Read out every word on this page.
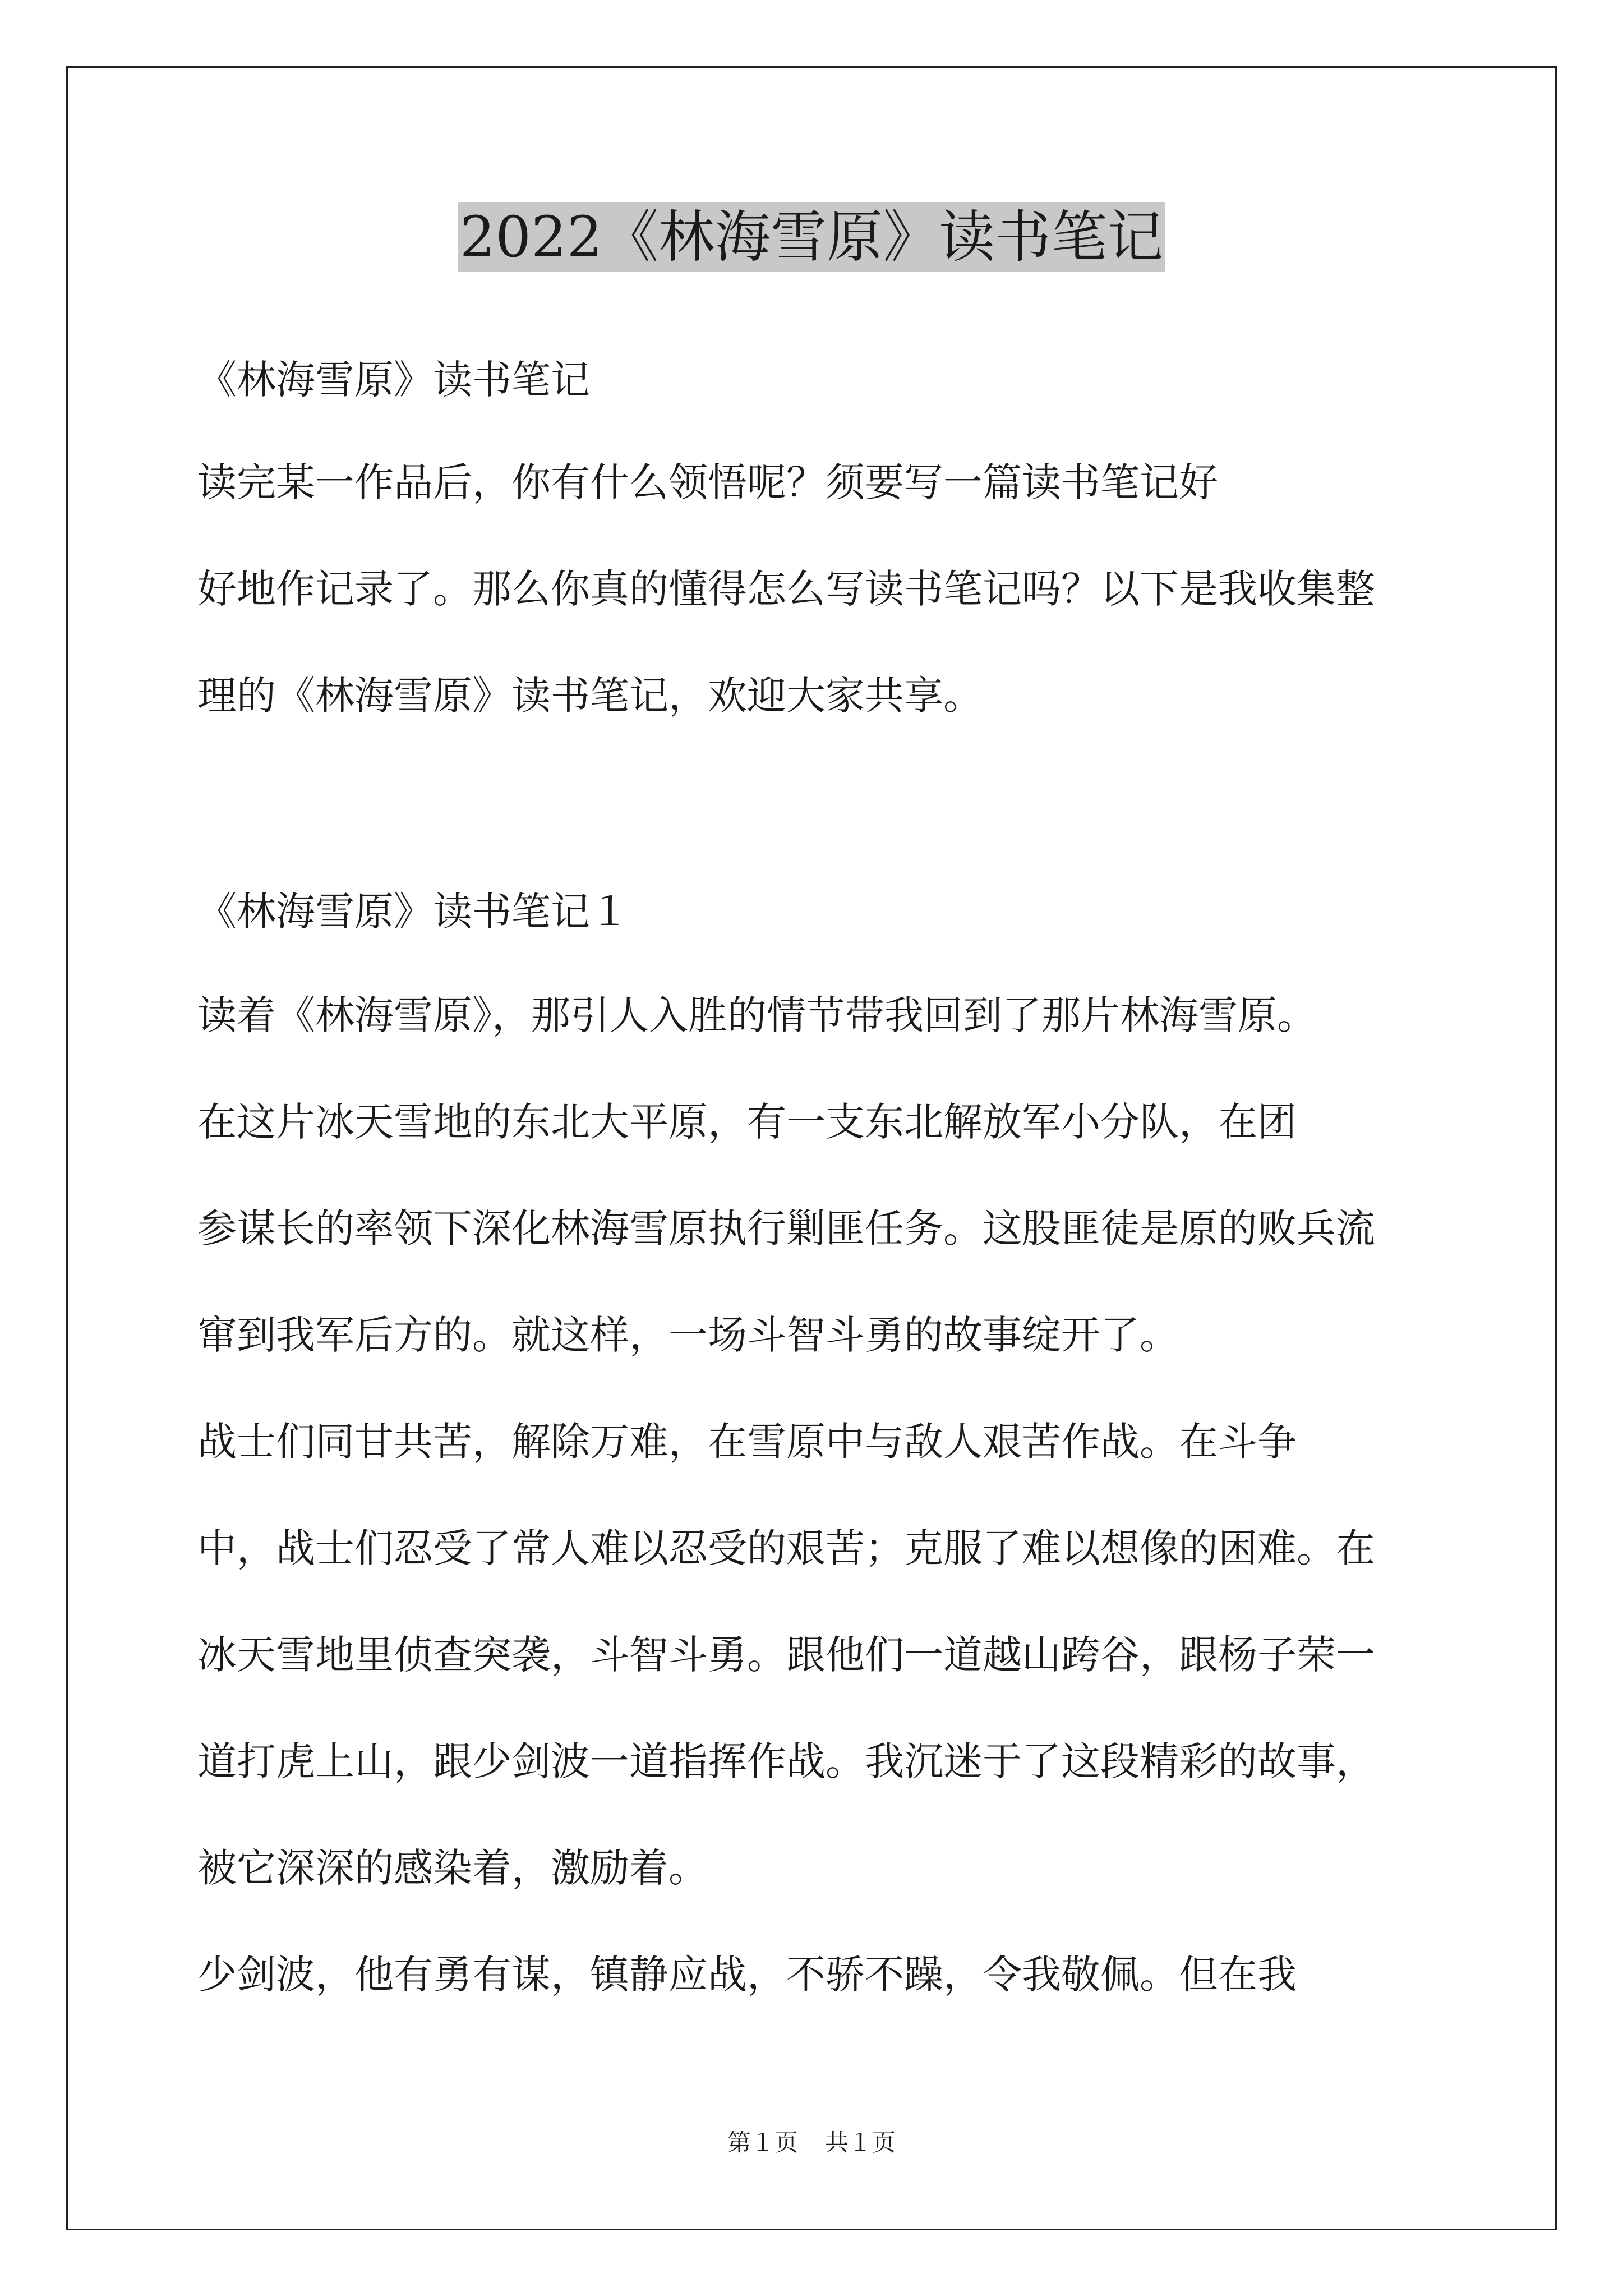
2022《林海雪原》读书笔记
《林海雪原》读书笔记
读完某一作品后，你有什么领悟呢？须要写一篇读书笔记好
好地作记录了。那么你真的懂得怎么写读书笔记吗？以下是我收集整
理的《林海雪原》读书笔记，欢迎大家共享。
《林海雪原》读书笔记１
读着《林海雪原》，那引人入胜的情节带我回到了那片林海雪原。
在这片冰天雪地的东北大平原，有一支东北解放军小分队，在团
参谋长的率领下深化林海雪原执行剿匪任务。这股匪徒是原的败兵流
窜到我军后方的。就这样，一场斗智斗勇的故事绽开了。
战士们同甘共苦，解除万难，在雪原中与敌人艰苦作战。在斗争
中，战士们忍受了常人难以忍受的艰苦；克服了难以想像的困难。在
冰天雪地里侦查突袭，斗智斗勇。跟他们一道越山跨谷，跟杨子荣一
道打虎上山，跟少剑波一道指挥作战。我沉迷于了这段精彩的故事，
被它深深的感染着，激励着。
少剑波，他有勇有谋，镇静应战，不骄不躁，令我敬佩。但在我
第１页 共１页
